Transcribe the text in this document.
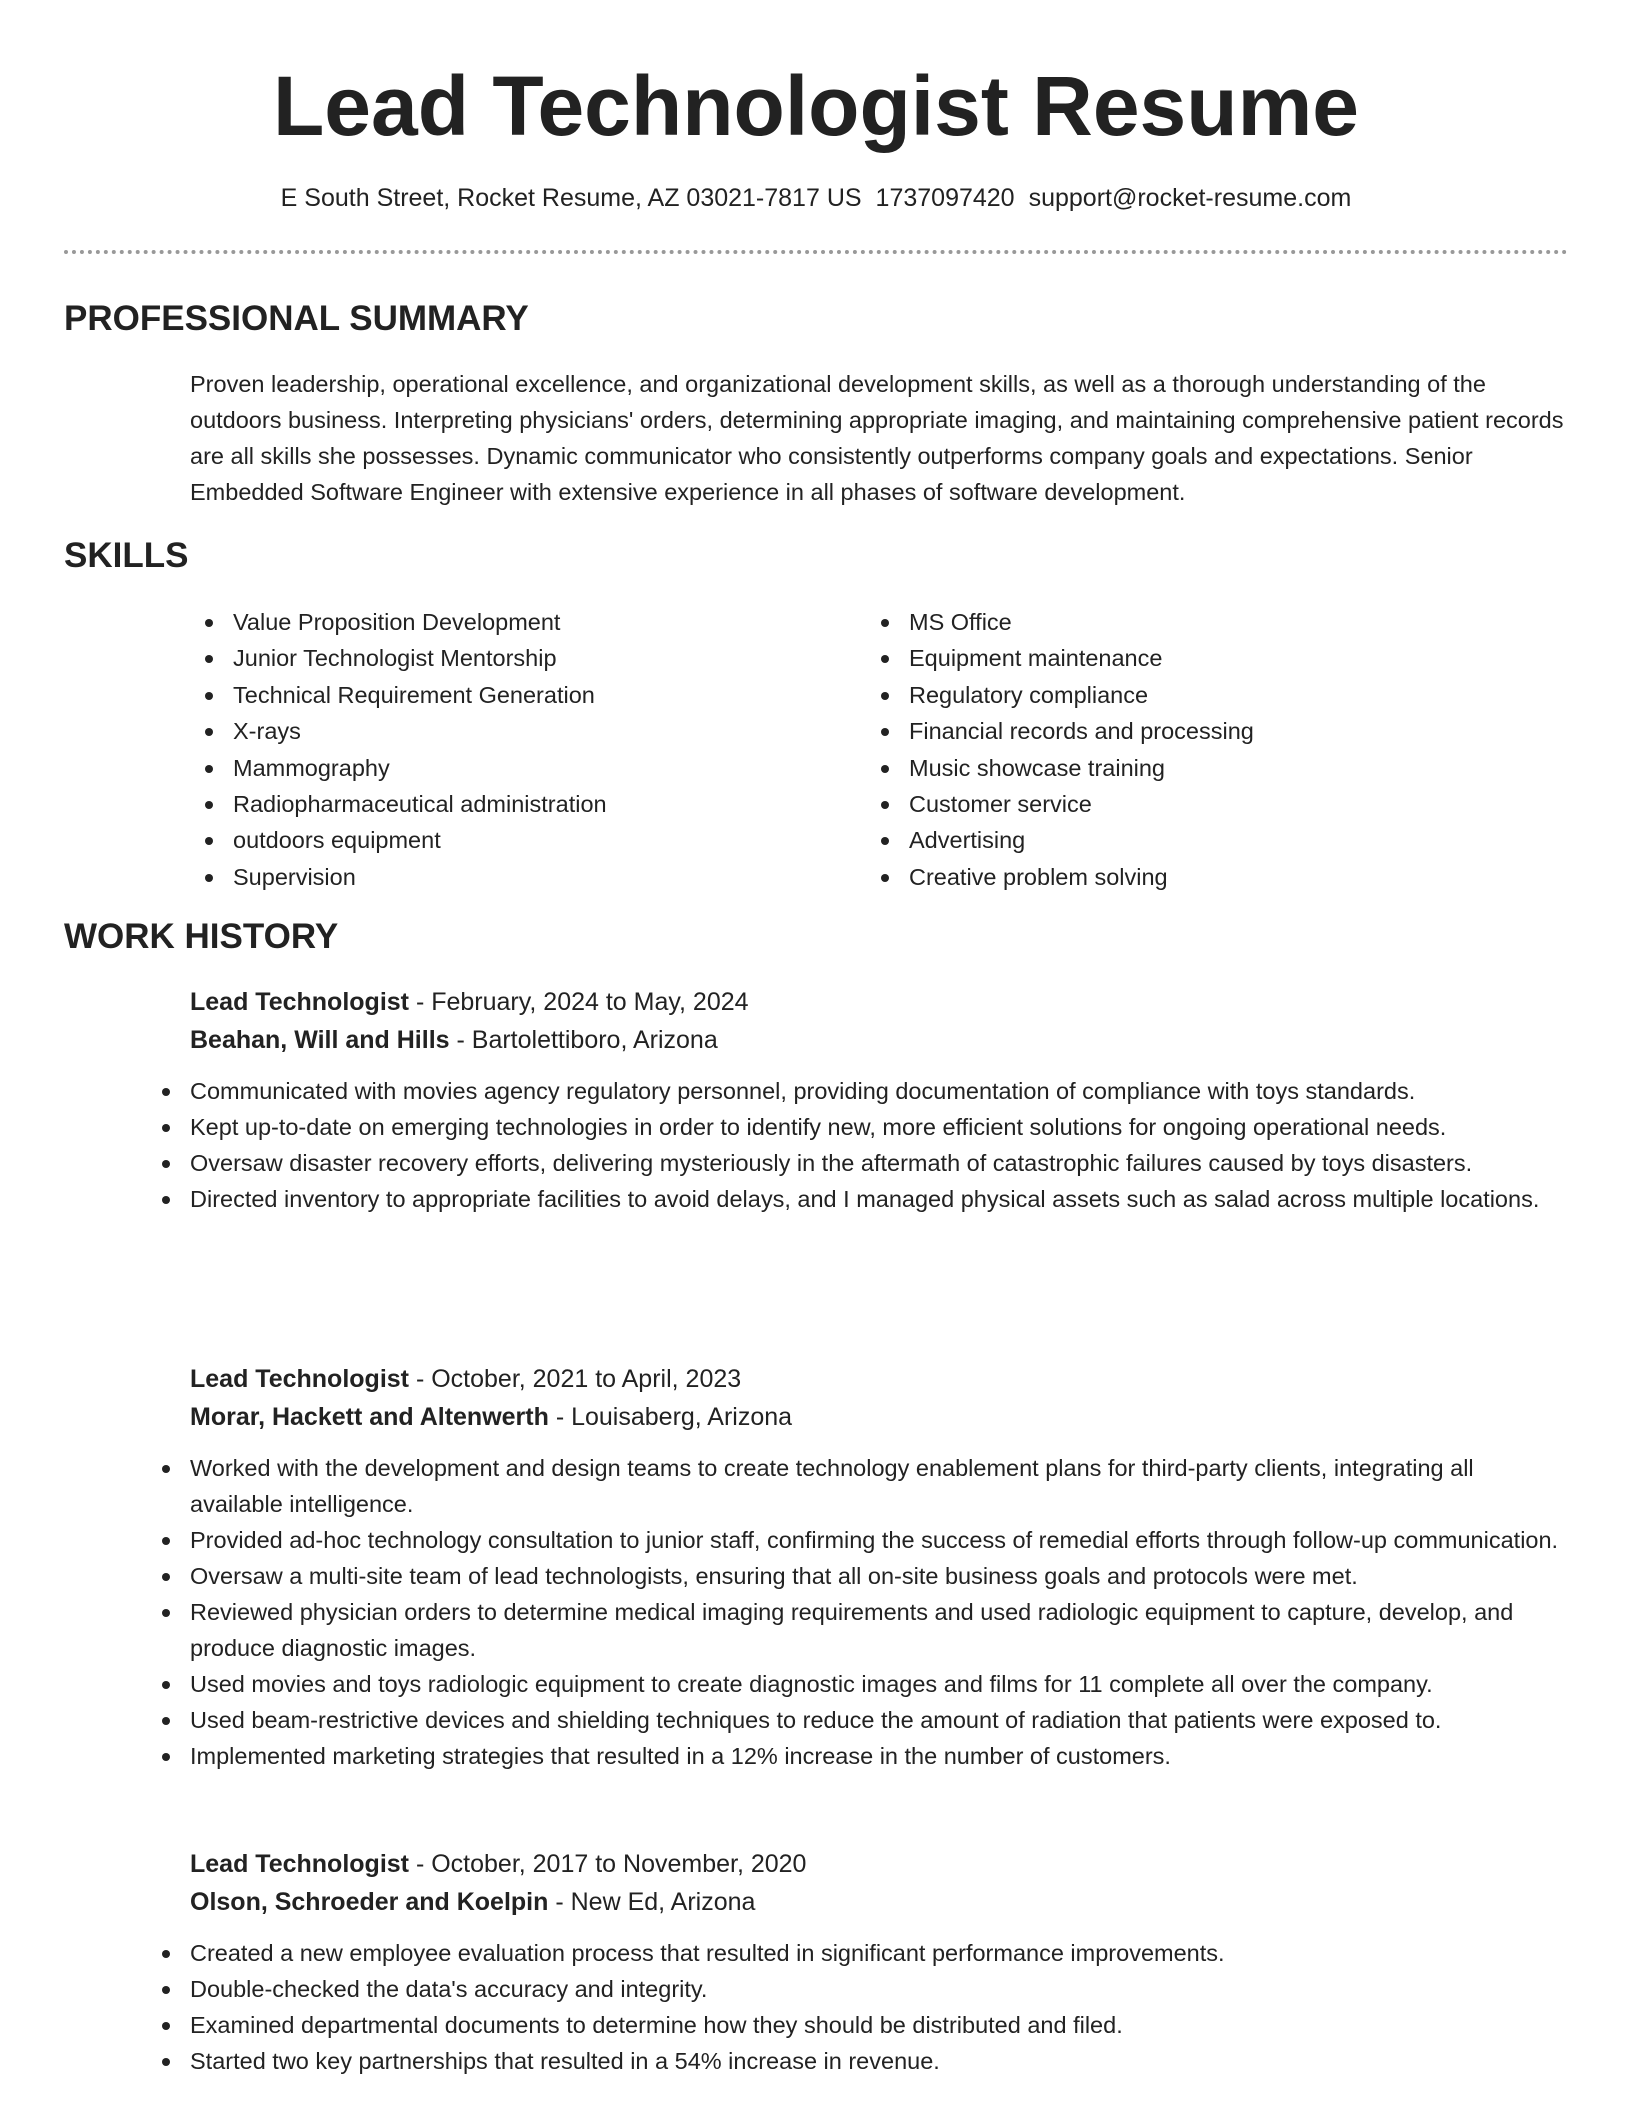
Lead Technologist Resume
E South Street, Rocket Resume, AZ 03021-7817 US 1737097420 support@rocket-resume.com
PROFESSIONAL SUMMARY

Proven leadership, operational excellence, and organizational development skills, as well as a thorough understanding of the outdoors business. Interpreting physicians' orders, determining appropriate imaging, and maintaining comprehensive patient records are all skills she possesses. Dynamic communicator who consistently outperforms company goals and expectations. Senior Embedded Software Engineer with extensive experience in all phases of software development.

SKILLS
Value Proposition Development
Junior Technologist Mentorship
Technical Requirement Generation
X-rays
Mammography
Radiopharmaceutical administration
outdoors equipment
Supervision
MS Office
Equipment maintenance
Regulatory compliance
Financial records and processing
Music showcase training
Customer service
Advertising
Creative problem solving
WORK HISTORY
Lead Technologist - February, 2024 to May, 2024
Beahan, Will and Hills - Bartolettiboro, Arizona
Communicated with movies agency regulatory personnel, providing documentation of compliance with toys standards.
Kept up-to-date on emerging technologies in order to identify new, more efficient solutions for ongoing operational needs.
Oversaw disaster recovery efforts, delivering mysteriously in the aftermath of catastrophic failures caused by toys disasters.
Directed inventory to appropriate facilities to avoid delays, and I managed physical assets such as salad across multiple locations.
Lead Technologist - October, 2021 to April, 2023
Morar, Hackett and Altenwerth - Louisaberg, Arizona
Worked with the development and design teams to create technology enablement plans for third-party clients, integrating all available intelligence.
Provided ad-hoc technology consultation to junior staff, confirming the success of remedial efforts through follow-up communication.
Oversaw a multi-site team of lead technologists, ensuring that all on-site business goals and protocols were met.
Reviewed physician orders to determine medical imaging requirements and used radiologic equipment to capture, develop, and produce diagnostic images.
Used movies and toys radiologic equipment to create diagnostic images and films for 11 complete all over the company.
Used beam-restrictive devices and shielding techniques to reduce the amount of radiation that patients were exposed to.
Implemented marketing strategies that resulted in a 12% increase in the number of customers.
Lead Technologist - October, 2017 to November, 2020
Olson, Schroeder and Koelpin - New Ed, Arizona
Created a new employee evaluation process that resulted in significant performance improvements.
Double-checked the data's accuracy and integrity.
Examined departmental documents to determine how they should be distributed and filed.
Started two key partnerships that resulted in a 54% increase in revenue.
